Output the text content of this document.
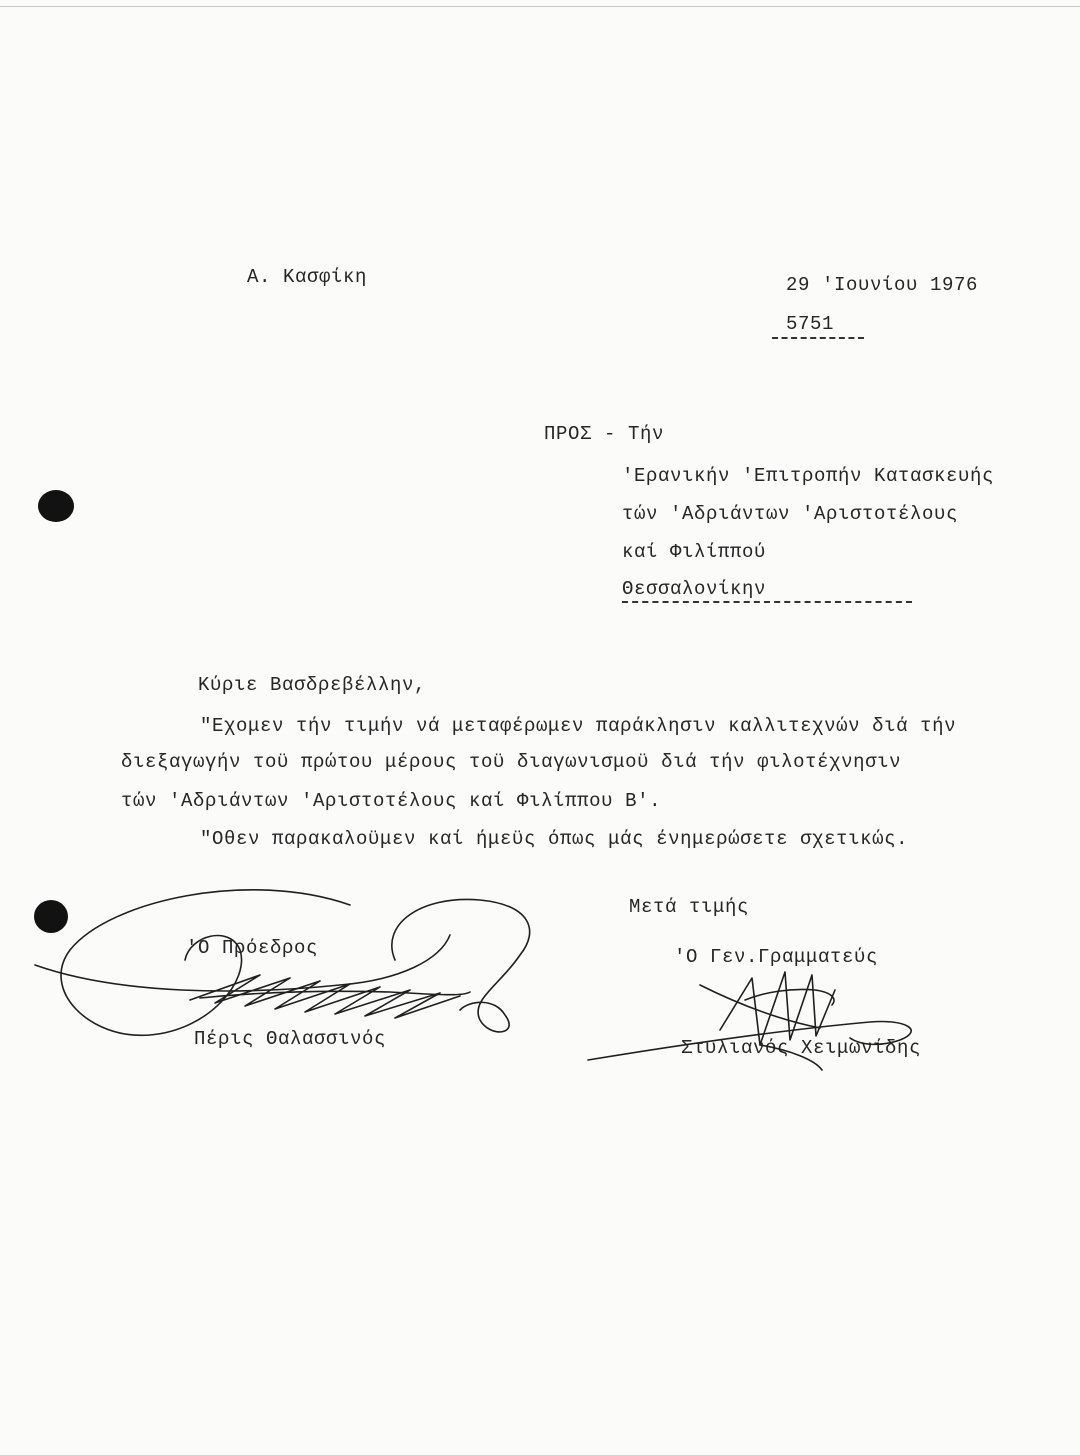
Α. Κασφίκη	29 'Ιουνίου 1976
5751
ΠΡΟΣ - Τήν
'Ερανικήν 'Επιτροπήν Κατασκευής
τών 'Αδριάντων 'Αριστοτέλους
καί Φιλίππού
Θεσσαλονίκην
Κύριε Βασδρεβέλλην,
"Εχομεν τήν τιμήν νά μεταφέρωμεν παράκλησιν καλλιτεχνών διά τήν
διεξαγωγήν τοϋ πρώτου μέρους τοϋ διαγωνισμοϋ διά τήν φιλοτέχνησιν
τών 'Αδριάντων 'Αριστοτέλους καί Φιλίππου Β'.
"Οθεν παρακαλοϋμεν καί ήμεϋς όπως μάς ένημερώσετε σχετικώς.
Μετά τιμής
'Ο Πρόεδρος
Πέρις Θαλασσινός
'Ο Γεν.Γραμματεύς
Στυλιανός Χειμωνίδης
